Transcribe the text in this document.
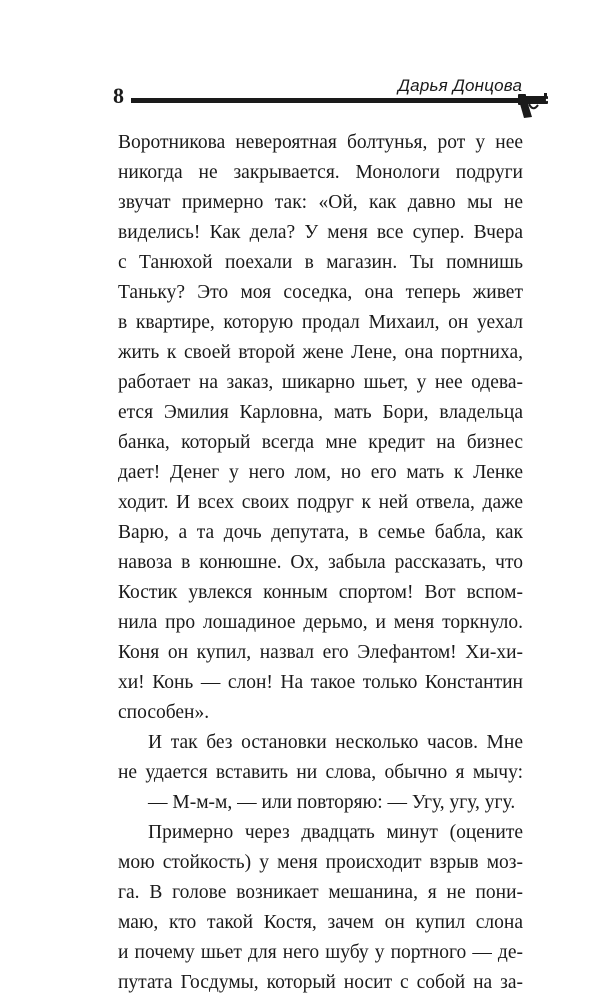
8	Дарья Донцова
Воротникова невероятная болтунья, рот у нее
никогда не закрывается. Монологи подруги
звучат примерно так: «Ой, как давно мы не
виделись! Как дела? У меня все супер. Вчера
с Танюхой поехали в магазин. Ты помнишь
Таньку? Это моя соседка, она теперь живет
в квартире, которую продал Михаил, он уехал
жить к своей второй жене Лене, она портниха,
работает на заказ, шикарно шьет, у нее одева-
ется Эмилия Карловна, мать Бори, владельца
банка, который всегда мне кредит на бизнес
дает! Денег у него лом, но его мать к Ленке
ходит. И всех своих подруг к ней отвела, даже
Варю, а та дочь депутата, в семье бабла, как
навоза в конюшне. Ох, забыла рассказать, что
Костик увлекся конным спортом! Вот вспом-
нила про лошадиное дерьмо, и меня торкнуло.
Коня он купил, назвал его Элефантом! Хи-хи-
хи! Конь — слон! На такое только Константин
способен».
И так без остановки несколько часов. Мне
не удается вставить ни слова, обычно я мычу:
— М-м-м, — или повторяю: — Угу, угу, угу.
Примерно через двадцать минут (оцените
мою стойкость) у меня происходит взрыв моз-
га. В голове возникает мешанина, я не пони-
маю, кто такой Костя, зачем он купил слона
и почему шьет для него шубу у портного — де-
путата Госдумы, который носит с собой на за-
